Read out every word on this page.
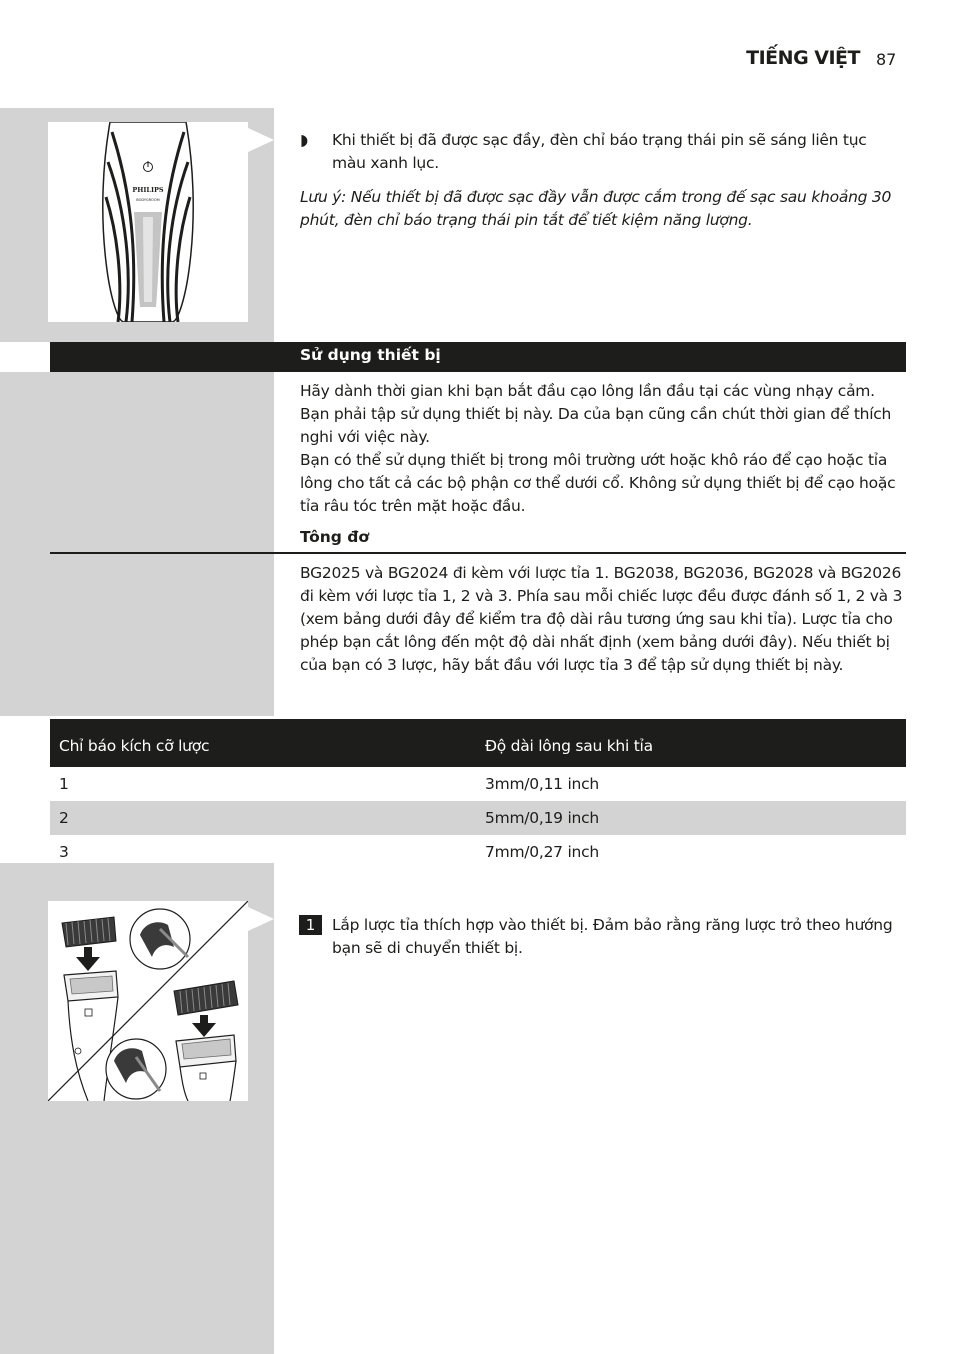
TIẾNG VIỆT 87
PHILIPS
BODYGROOM
◗	Khi thiết bị đã được sạc đầy, đèn chỉ báo trạng thái pin sẽ sáng liên tục màu xanh lục.
Lưu ý: Nếu thiết bị đã được sạc đầy vẫn được cắm trong đế sạc sau khoảng 30 phút, đèn chỉ báo trạng thái pin tắt để tiết kiệm năng lượng.
Sử dụng thiết bị
Hãy dành thời gian khi bạn bắt đầu cạo lông lần đầu tại các vùng nhạy cảm. Bạn phải tập sử dụng thiết bị này. Da của bạn cũng cần chút thời gian để thích nghi với việc này.
Bạn có thể sử dụng thiết bị trong môi trường ướt hoặc khô ráo để cạo hoặc tỉa lông cho tất cả các bộ phận cơ thể dưới cổ. Không sử dụng thiết bị để cạo hoặc tỉa râu tóc trên mặt hoặc đầu.
Tông đơ
BG2025 và BG2024 đi kèm với lược tỉa 1. BG2038, BG2036, BG2028 và BG2026 đi kèm với lược tỉa 1, 2 và 3. Phía sau mỗi chiếc lược đều được đánh số 1, 2 và 3 (xem bảng dưới đây để kiểm tra độ dài râu tương ứng sau khi tỉa). Lược tỉa cho phép bạn cắt lông đến một độ dài nhất định (xem bảng dưới đây). Nếu thiết bị của bạn có 3 lược, hãy bắt đầu với lược tỉa 3 để tập sử dụng thiết bị này.
Chỉ báo kích cỡ lược	Độ dài lông sau khi tỉa
1	3mm/0,11 inch
2	5mm/0,19 inch
3	7mm/0,27 inch
1	Lắp lược tỉa thích hợp vào thiết bị. Đảm bảo rằng răng lược trỏ theo hướng bạn sẽ di chuyển thiết bị.
